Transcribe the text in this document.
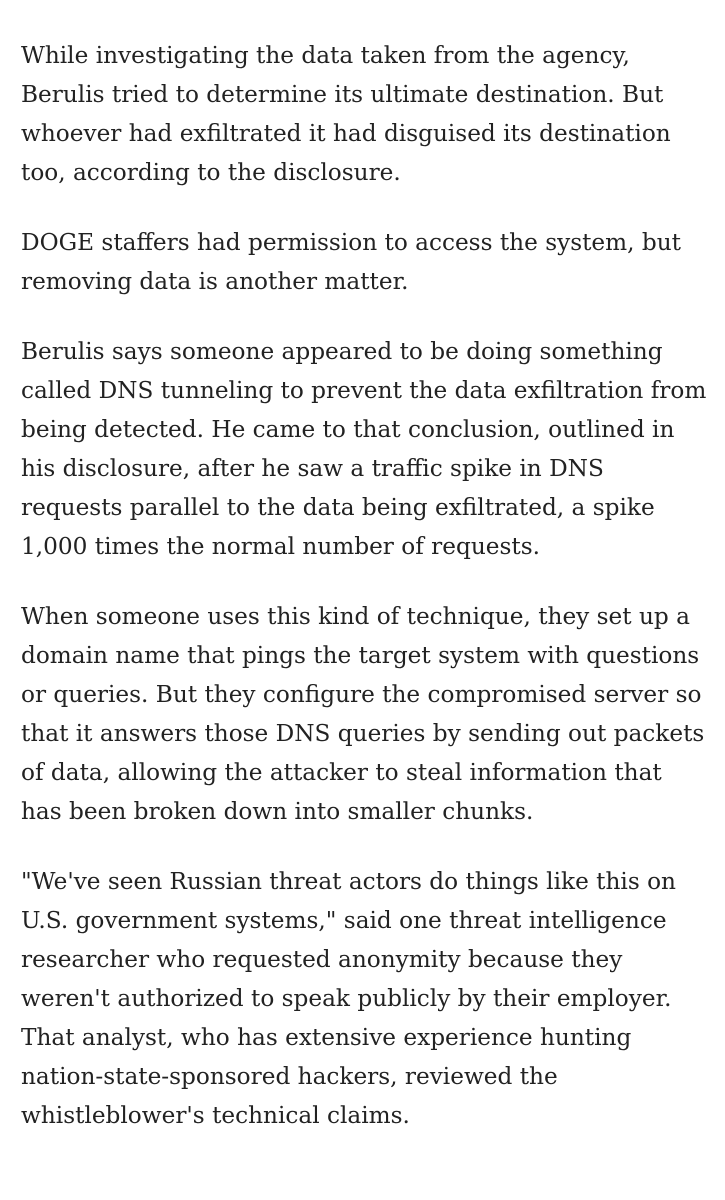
While investigating the data taken from the agency, Berulis tried to determine its ultimate destination. But whoever had exfiltrated it had disguised its destination too, according to the disclosure.

DOGE staffers had permission to access the system, but removing data is another matter.

Berulis says someone appeared to be doing something called DNS tunneling to prevent the data exfiltration from being detected. He came to that conclusion, outlined in his disclosure, after he saw a traffic spike in DNS requests parallel to the data being exfiltrated, a spike 1,000 times the normal number of requests.

When someone uses this kind of technique, they set up a domain name that pings the target system with questions or queries. But they configure the compromised server so that it answers those DNS queries by sending out packets of data, allowing the attacker to steal information that has been broken down into smaller chunks.

"We've seen Russian threat actors do things like this on U.S. government systems," said one threat intelligence researcher who requested anonymity because they weren't authorized to speak publicly by their employer. That analyst, who has extensive experience hunting nation-state-sponsored hackers, reviewed the whistleblower's technical claims.
